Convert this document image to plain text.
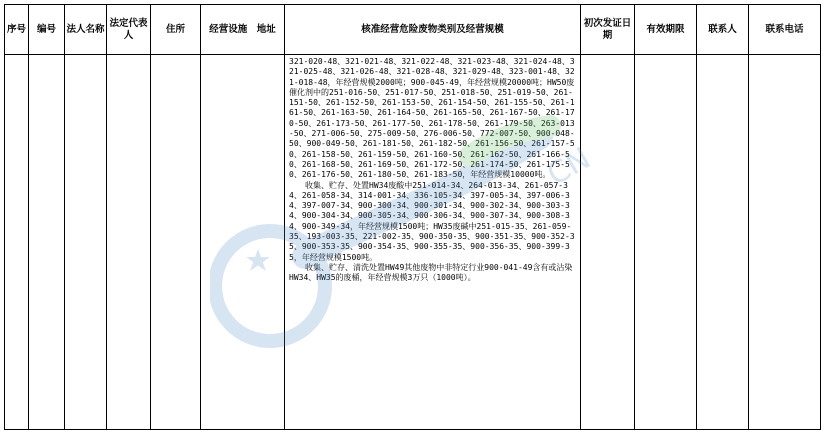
序号	编号	法人名称	法定代表人	住所	经营设施　地址	核准经营危险废物类别及经营规模	初次发证日期	有效期限	联系人	联系电话

						321-020-48、321-021-48、321-022-48、321-023-48、321-024-48、321-025-48、321-026-48、321-028-48、321-029-48、323-001-48、321-018-48，年经营规模2000吨；900-045-49，年经营规模20000吨；HW50废催化剂中的251-016-50、251-017-50、251-018-50、251-019-50、261-151-50、261-152-50、261-153-50、261-154-50、261-155-50、261-161-50、261-163-50、261-164-50、261-165-50、261-167-50、261-170-50、261-173-50、261-177-50、261-178-50、261-179-50、263-013-50、271-006-50、275-009-50、276-006-50、772-007-50、900-048-50、900-049-50、261-181-50、261-182-50、261-156-50、261-157-50、261-158-50、261-159-50、261-160-50、261-162-50、261-166-50、261-168-50、261-169-50、261-172-50、261-174-50、261-175-50、261-176-50、261-180-50、261-183-50，年经营规模10000吨。

　　收集、贮存、处置HW34废酸中251-014-34、264-013-34、261-057-34、261-058-34、314-001-34、336-105-34、397-005-34、397-006-34、397-007-34、900-300-34、900-301-34、900-302-34、900-303-34、900-304-34、900-305-34、900-306-34、900-307-34、900-308-34、900-349-34，年经营规模1500吨；HW35废碱中251-015-35、261-059-35、193-003-35、221-002-35、900-350-35、900-351-35、900-352-35、900-353-35、900-354-35、900-355-35、900-356-35、900-399-35，年经营规模1500吨。

　　收集、贮存、清洗处置HW49其他废物中非特定行业900-041-49含有或沾染HW34、HW35的废桶，年经营规模3万只（1000吨）。				

CN
